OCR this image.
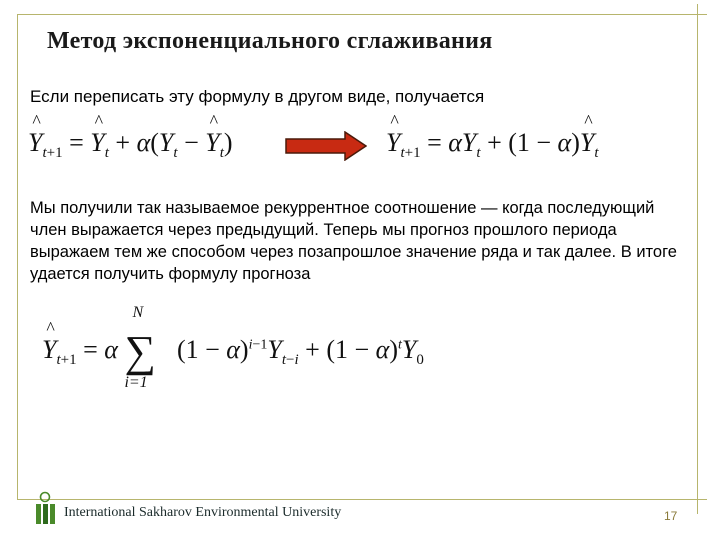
Метод экспоненциального сглаживания
Если переписать эту формулу в другом виде, получается
^ $Y_{t+1}$ = ^ $Y_t + \alpha(Y_t$ − ^ $Y_t$)
^	$Y_{t+1} = \alpha Y_t + (1$ − α)^ $Y_t$
Мы получили так называемое рекуррентное соотношение — когда последующий член выражается через предыдущий. Теперь мы прогноз прошлого периода выражаем тем же способом через позапрошлое значение ряда и так далее. В итоге удается получить формулу прогноза
^ $Y_{t+1} = \alpha$
N
∑
i=1
$(1 - \alpha)^{i-1}Y_{t-i} + (1 - \alpha)^tY_0$
International Sakharov Environmental University	17
